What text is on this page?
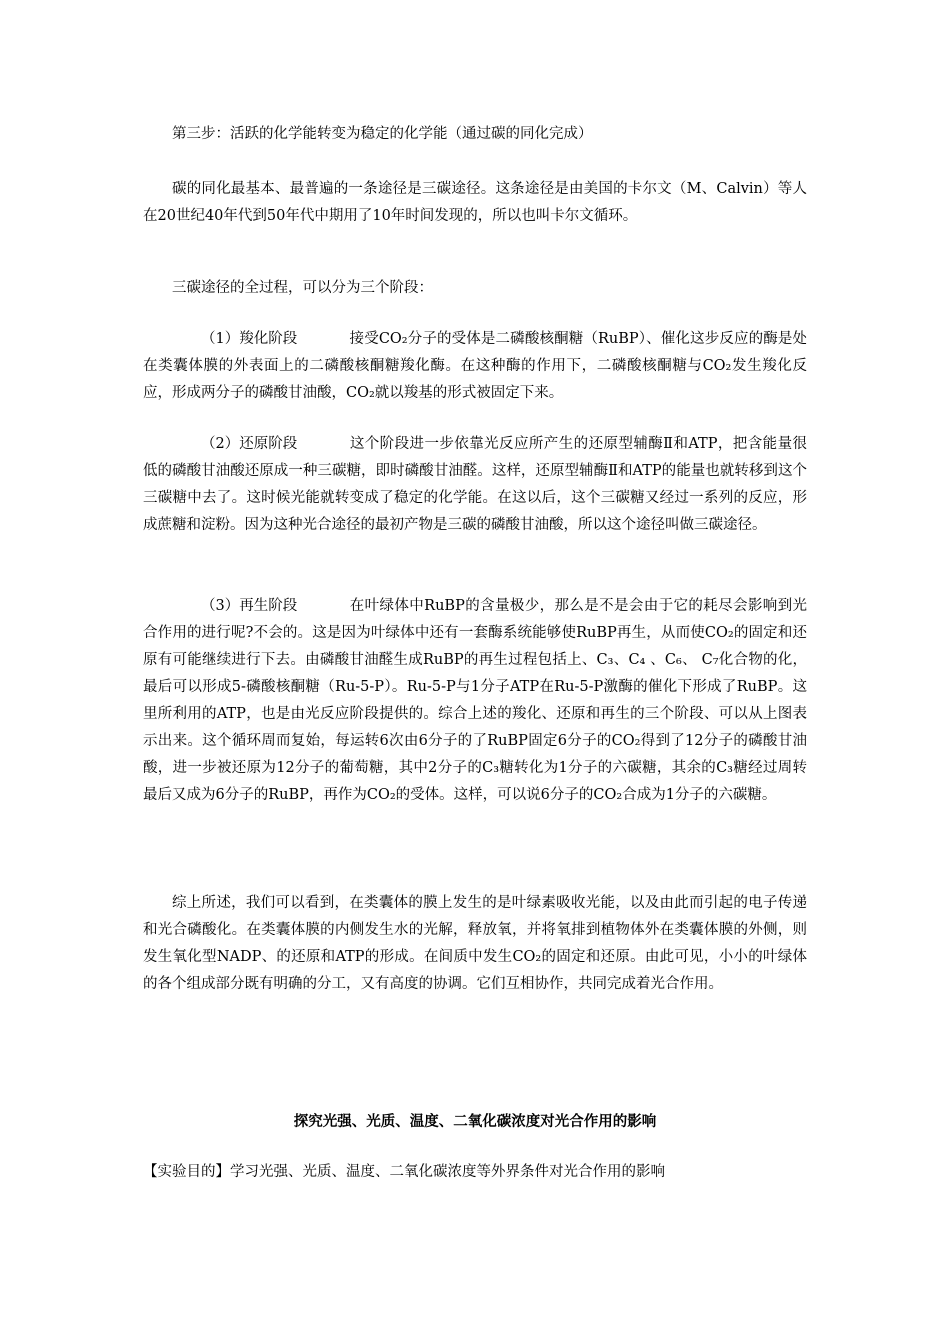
第三步：活跃的化学能转变为稳定的化学能（通过碳的同化完成）

碳的同化最基本、最普遍的一条途径是三碳途径。这条途径是由美国的卡尔文（M、Calvin）等人在20世纪40年代到50年代中期用了10年时间发现的，所以也叫卡尔文循环。

三碳途径的全过程，可以分为三个阶段：

（1）羧化阶段	接受CO₂分子的受体是二磷酸核酮糖（RuBP）、催化这步反应的酶是处在类囊体膜的外表面上的二磷酸核酮糖羧化酶。在这种酶的作用下，二磷酸核酮糖与CO₂发生羧化反应，形成两分子的磷酸甘油酸，CO₂就以羧基的形式被固定下来。

（2）还原阶段	这个阶段进一步依靠光反应所产生的还原型辅酶Ⅱ和ATP，把含能量很低的磷酸甘油酸还原成一种三碳糖，即时磷酸甘油醛。这样，还原型辅酶Ⅱ和ATP的能量也就转移到这个三碳糖中去了。这时候光能就转变成了稳定的化学能。在这以后，这个三碳糖又经过一系列的反应，形成蔗糖和淀粉。因为这种光合途径的最初产物是三碳的磷酸甘油酸，所以这个途径叫做三碳途径。

（3）再生阶段	在叶绿体中RuBP的含量极少，那么是不是会由于它的耗尽会影响到光合作用的进行呢?不会的。这是因为叶绿体中还有一套酶系统能够使RuBP再生，从而使CO₂的固定和还原有可能继续进行下去。由磷酸甘油醛生成RuBP的再生过程包括上、C₃、C₄ 、C₆、 C₇化合物的化，最后可以形成5-磷酸核酮糖（Ru-5-P）。Ru-5-P与1分子ATP在Ru-5-P激酶的催化下形成了RuBP。这里所利用的ATP，也是由光反应阶段提供的。综合上述的羧化、还原和再生的三个阶段、可以从上图表示出来。这个循环周而复始，每运转6次由6分子的了RuBP固定6分子的CO₂得到了12分子的磷酸甘油酸，进一步被还原为12分子的葡萄糖，其中2分子的C₃糖转化为1分子的六碳糖，其余的C₃糖经过周转最后又成为6分子的RuBP，再作为CO₂的受体。这样，可以说6分子的CO₂合成为1分子的六碳糖。

综上所述，我们可以看到，在类囊体的膜上发生的是叶绿素吸收光能，以及由此而引起的电子传递和光合磷酸化。在类囊体膜的内侧发生水的光解，释放氧，并将氧排到植物体外在类囊体膜的外侧，则发生氧化型NADP、的还原和ATP的形成。在间质中发生CO₂的固定和还原。由此可见，小小的叶绿体的各个组成部分既有明确的分工，又有高度的协调。它们互相协作，共同完成着光合作用。

探究光强、光质、温度、二氧化碳浓度对光合作用的影响

【实验目的】学习光强、光质、温度、二氧化碳浓度等外界条件对光合作用的影响
